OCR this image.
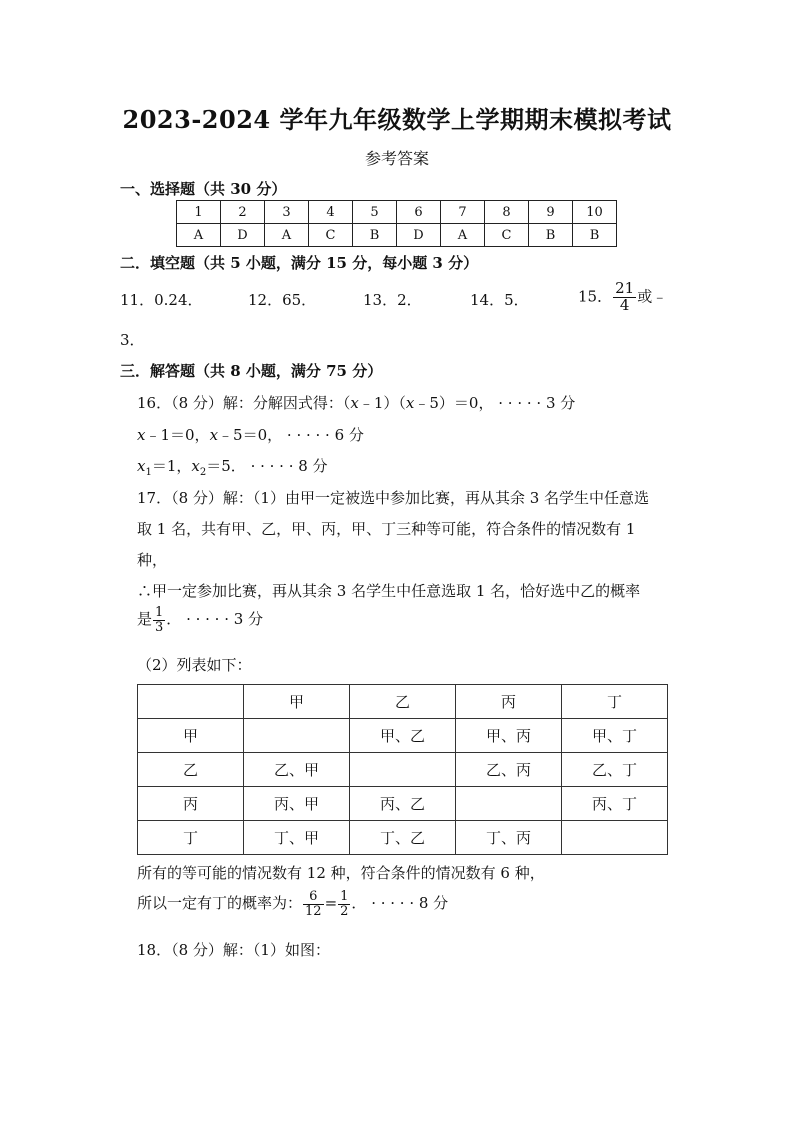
2023-2024 学年九年级数学上学期期末模拟考试
参考答案
一、选择题（共 30 分）
1	2	3	4	5	6	7	8	9	10
A	D	A	C	B	D	A	C	B	B
二．填空题（共 5 小题，满分 15 分，每小题 3 分）
11．0.24．	12．65．	13．2．	14．5．	15． $\frac{21}{4}$ 或﹣
3．
三．解答题（共 8 小题，满分 75 分）
16．（8 分）解：分解因式得：（x﹣1）（x﹣5）＝0， · · · · · 3 分
x﹣1＝0，x﹣5＝0， · · · · · 6 分
$x_1=1$，$x_2=5$． · · · · · 8 分
17．（8 分）解：（1）由甲一定被选中参加比赛，再从其余 3 名学生中任意选
取 1 名，共有甲、乙，甲、丙，甲、丁三种等可能，符合条件的情况数有 1
种，
∴甲一定参加比赛，再从其余 3 名学生中任意选取 1 名，恰好选中乙的概率
是 $\frac{1}{3}$ ． · · · · · 3 分
（2）列表如下：
	甲	乙	丙	丁
甲		甲、乙	甲、丙	甲、丁
乙	乙、甲		乙、丙	乙、丁
丙	丙、甲	丙、乙		丙、丁
丁	丁、甲	丁、乙	丁、丙	
所有的等可能的情况数有 12 种，符合条件的情况数有 6 种，
所以一定有丁的概率为： $\frac{6}{12} = \frac{1}{2}$ ． · · · · · 8 分
18．（8 分）解：（1）如图：
